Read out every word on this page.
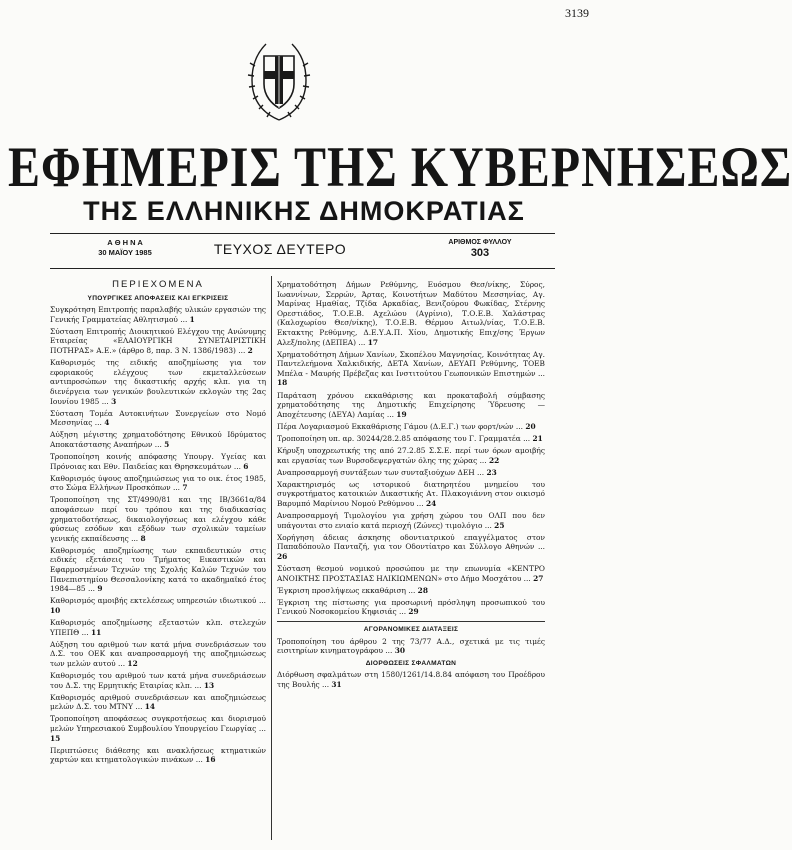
3139
ΕΦΗΜΕΡΙΣ ΤΗΣ ΚΥΒΕΡΝΗΣΕΩΣ
ΤΗΣ ΕΛΛΗΝΙΚΗΣ ΔΗΜΟΚΡΑΤΙΑΣ
Α Θ Η Ν Α
30 ΜΑΪΟΥ 1985	ΤΕΥΧΟΣ ΔΕΥΤΕΡΟ	ΑΡΙΘΜΟΣ ΦΥΛΛΟΥ
303
ΠΕΡΙΕΧΟΜΕΝΑ
ΥΠΟΥΡΓΙΚΕΣ ΑΠΟΦΑΣΕΙΣ ΚΑΙ ΕΓΚΡΙΣΕΙΣ
Συγκρότηση Επιτροπής παραλαβής υλικών εργασιών της Γενικής Γραμματείας Αθλητισμού ... 1
Σύσταση Επιτροπής Διοικητικού Ελέγχου της Ανώνυμης Εταιρείας «ΕΛΑΙΟΥΡΓΙΚΗ ΣΥΝΕΤΑΙΡΙΣΤΙΚΗ ΠΟΤΗΡΑΣ» Α.Ε.» (άρθρο 8, παρ. 3 Ν. 1386/1983) ... 2
Καθορισμός της ειδικής αποζημίωσης για τον εφοριακούς ελέγχους των εκμεταλλεύσεων αντιπροσώπων της δικαστικής αρχής κλπ. για τη διενέργεια των γενικών βουλευτικών εκλογών της 2ας Ιουνίου 1985 ... 3
Σύσταση Τομέα Αυτοκινήτων Συνεργείων στο Νομό Μεσσηνίας ... 4
Αύξηση μέγιστης χρηματοδότησης Εθνικού Ιδρύματος Αποκατάστασης Αναπήρων ... 5
Τροποποίηση κοινής απόφασης Υπουργ. Υγείας και Πρόνοιας και Εθν. Παιδείας και Θρησκευμάτων ... 6
Καθορισμός ύψους αποζημιώσεως για το οικ. έτος 1985, στο Σώμα Ελλήνων Προσκόπων ... 7
Τροποποίηση της ΣΤ/4990/81 και της ΙΒ/3661α/84 αποφάσεων περί του τρόπου και της διαδικασίας χρηματοδοτήσεως, δικαιολογήσεως και ελέγχου κάθε φύσεως εσόδων και εξόδων των σχολικών ταμείων γενικής εκπαίδευσης ... 8
Καθορισμός αποζημίωσης των εκπαιδευτικών στις ειδικές εξετάσεις του Τμήματος Εικαστικών και Εφαρμοσμένων Τεχνών της Σχολής Καλών Τεχνών του Πανεπιστημίου Θεσσαλονίκης κατά το ακαδημαϊκό έτος 1984—85 ... 9
Καθορισμός αμοιβής εκτελέσεως υπηρεσιών ιδιωτικού ... 10
Καθορισμός αποζημίωσης εξεταστών κλπ. στελεχών ΥΠΕΠΘ ... 11
Αύξηση του αριθμού των κατά μήνα συνεδριάσεων του Δ.Σ. του ΟΕΚ και αναπροσαρμογή της αποζημιώσεως των μελών αυτού ... 12
Καθορισμός του αριθμού των κατά μήνα συνεδριάσεων του Δ.Σ. της Ερμητικής Εταιρίας κλπ. ... 13
Καθορισμός αριθμού συνεδριάσεων και αποζημιώσεως μελών Δ.Σ. του ΜΤΝΥ ... 14
Τροποποίηση αποφάσεως συγκροτήσεως και διορισμού μελών Υπηρεσιακού Συμβουλίου Υπουργείου Γεωργίας ... 15
Περιπτώσεις διάθεσης και ανακλήσεως κτηματικών χαρτών και κτηματολογικών πινάκων ... 16
Χρηματοδότηση Δήμων Ρεθύμνης, Ευόσμου Θεσ/νίκης, Σύρος, Ιωαννίνων, Σερρών, Άρτας, Κοινοτήτων Μαδύτου Μεσσηνίας, Αγ. Μαρίνας Ημαθίας, Τζίδα Αρκαδίας, Βενιζούρου Φωκίδας, Στέρνης Ορεστιάδος, Τ.Ο.Ε.Β. Αχελώου (Αγρίνιο), Τ.Ο.Ε.Β. Χαλάστρας (Καλοχωρίου Θεσ/νίκης), Τ.Ο.Ε.Β. Θέρμου Αιτωλ/νίας, Τ.Ο.Ε.Β. Εκτακτης Ρεθύμνης, Δ.Ε.Υ.Α.Π. Χίου, Δημοτικής Επιχ/σης Έργων Αλεξ/πολης (ΔΕΠΕΑ) ... 17
Χρηματοδότηση Δήμων Χανίων, Σκοπέλου Μαγνησίας, Κοινότητας Αγ. Παντελεήμονα Χαλκιδικής, ΔΕΤΑ Χανίων, ΔΕΥΑΠ Ρεθύμνης, ΤΟΕΒ Μπέλα - Μαυρής Πρέβεζας και Ινστιτούτου Γεωπονικών Επιστημών ... 18
Παράταση χρόνου εκκαθάρισης και προκαταβολή σύμβασης χρηματοδότησης της Δημοτικής Επιχείρησης Ύδρευσης — Αποχέτευσης (ΔΕΥΑ) Λαμίας ... 19
Πέρα Λογαριασμού Εκκαθάρισης Γάμου (Δ.Ε.Γ.) των φορτ/νών ... 20
Τροποποίηση υπ. αρ. 30244/28.2.85 απόφασης του Γ. Γραμματέα ... 21
Κήρυξη υποχρεωτικής της από 27.2.85 Σ.Σ.Ε. περί των όρων αμοιβής και εργασίας των Βυρσοδεψεργατών όλης της χώρας ... 22
Αναπροσαρμογή συντάξεων των συνταξιούχων ΔΕΗ ... 23
Χαρακτηρισμός ως ιστορικού διατηρητέου μνημείου του συγκροτήματος κατοικιών Δικαστικής Ατ. Πλακογιάννη στον οικισμό Βαρυμπό Μαρίνιου Νομού Ρεθύμνου ... 24
Αναπροσαρμογή Τιμολογίου για χρήση χώρου του ΟΛΠ που δεν υπάγονται στο ενιαίο κατά περιοχή (Ζώνες) τιμολόγιο ... 25
Χορήγηση άδειας άσκησης οδοντιατρικού επαγγέλματος στον Παπαδόπουλο Πανταζή, για τον Οδοντίατρο και Σύλλογο Αθηνών ... 26
Σύσταση θεσμού νομικού προσώπου με την επωνυμία «ΚΕΝΤΡΟ ΑΝΟΙΚΤΗΣ ΠΡΟΣΤΑΣΙΑΣ ΗΛΙΚΙΩΜΕΝΩΝ» στο Δήμο Μοσχάτου ... 27
Έγκριση προσλήψεως εκκαθάριση ... 28
Έγκριση της πίστωσης για προσωρινή πρόσληψη προσωπικού του Γενικού Νοσοκομείου Κηφισιάς ... 29
ΑΓΟΡΑΝΟΜΙΚΕΣ ΔΙΑΤΑΞΕΙΣ
Τροποποίηση του άρθρου 2 της 73/77 Α.Δ., σχετικά με τις τιμές εισιτηρίων κινηματογράφου ... 30
ΔΙΟΡΘΩΣΕΙΣ ΣΦΑΛΜΑΤΩΝ
Διόρθωση σφαλμάτων στη 1580/1261/14.8.84 απόφαση του Προέδρου της Βουλής ... 31
